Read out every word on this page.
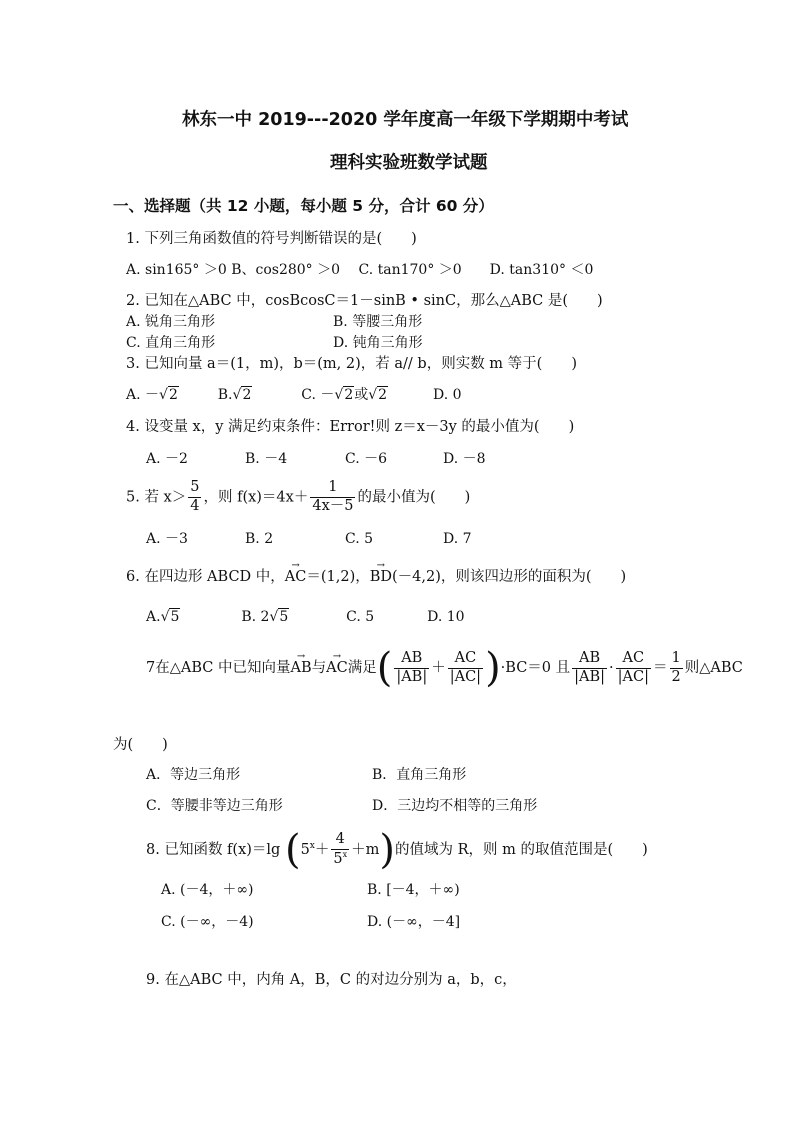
林东一中 2019---2020 学年度高一年级下学期期中考试
理科实验班数学试题
一、选择题（共 12 小题，每小题 5 分，合计 60 分）
1. 下列三角函数值的符号判断错误的是(　　)
A. sin165° ＞0 B、cos280° ＞0　 C. tan170° ＞0　　D. tan310° ＜0
2. 已知在△ABC 中，cosBcosC＝1－sinB • sinC，那么△ABC 是(　　)
A. 锐角三角形	B. 等腰三角形
C. 直角三角形	D. 钝角三角形
3. 已知向量 a＝(1，m)，b＝(m, 2)，若 a// b，则实数 m 等于(　　)
A. －√2	B.√2	C. －√2或√2	D. 0
4. 设变量 x，y 满足约束条件：Error!则 z＝x－3y 的最小值为(　　)
A. －2	B. －4	C. －6	D. －8
5. 若 $x> \frac{5}{4}$ ，则 $f(x)=4x+ \frac{1}{4x-5}$ 的最小值为(　　)
A. －3	B. 2	C. 5	D. 7
6. 在四边形 ABCD 中，
→
AC＝(1,2)，
→
BD(－4,2)，则该四边形的面积为(　　)
A.√5	B. 2√5	C. 5	D. 10
7在△ABC 中已知向量
→
AB与
→
AC满足( $\frac{AB}{|AB|} + \frac{AC}{|AC|} )\cdot BC=0$ 且 $\frac{AB}{|AB|} \cdot \frac{AC}{|AC|} = \frac{1}{2}$ 则△ABC
为(　　)
A．等边三角形	B．直角三角形
C．等腰非等边三角形	D．三边均不相等的三角形
8. 已知函数 f(x)＝lg $(5^x+ \frac{4}{5^x} +m)$的值域为 R，则 m 的取值范围是(　　)
A. (－4，＋∞)	B. [－4，＋∞)
C. (－∞，－4)	D. (－∞，－4]
9. 在△ABC 中，内角 A，B，C 的对边分别为 a，b，c，
